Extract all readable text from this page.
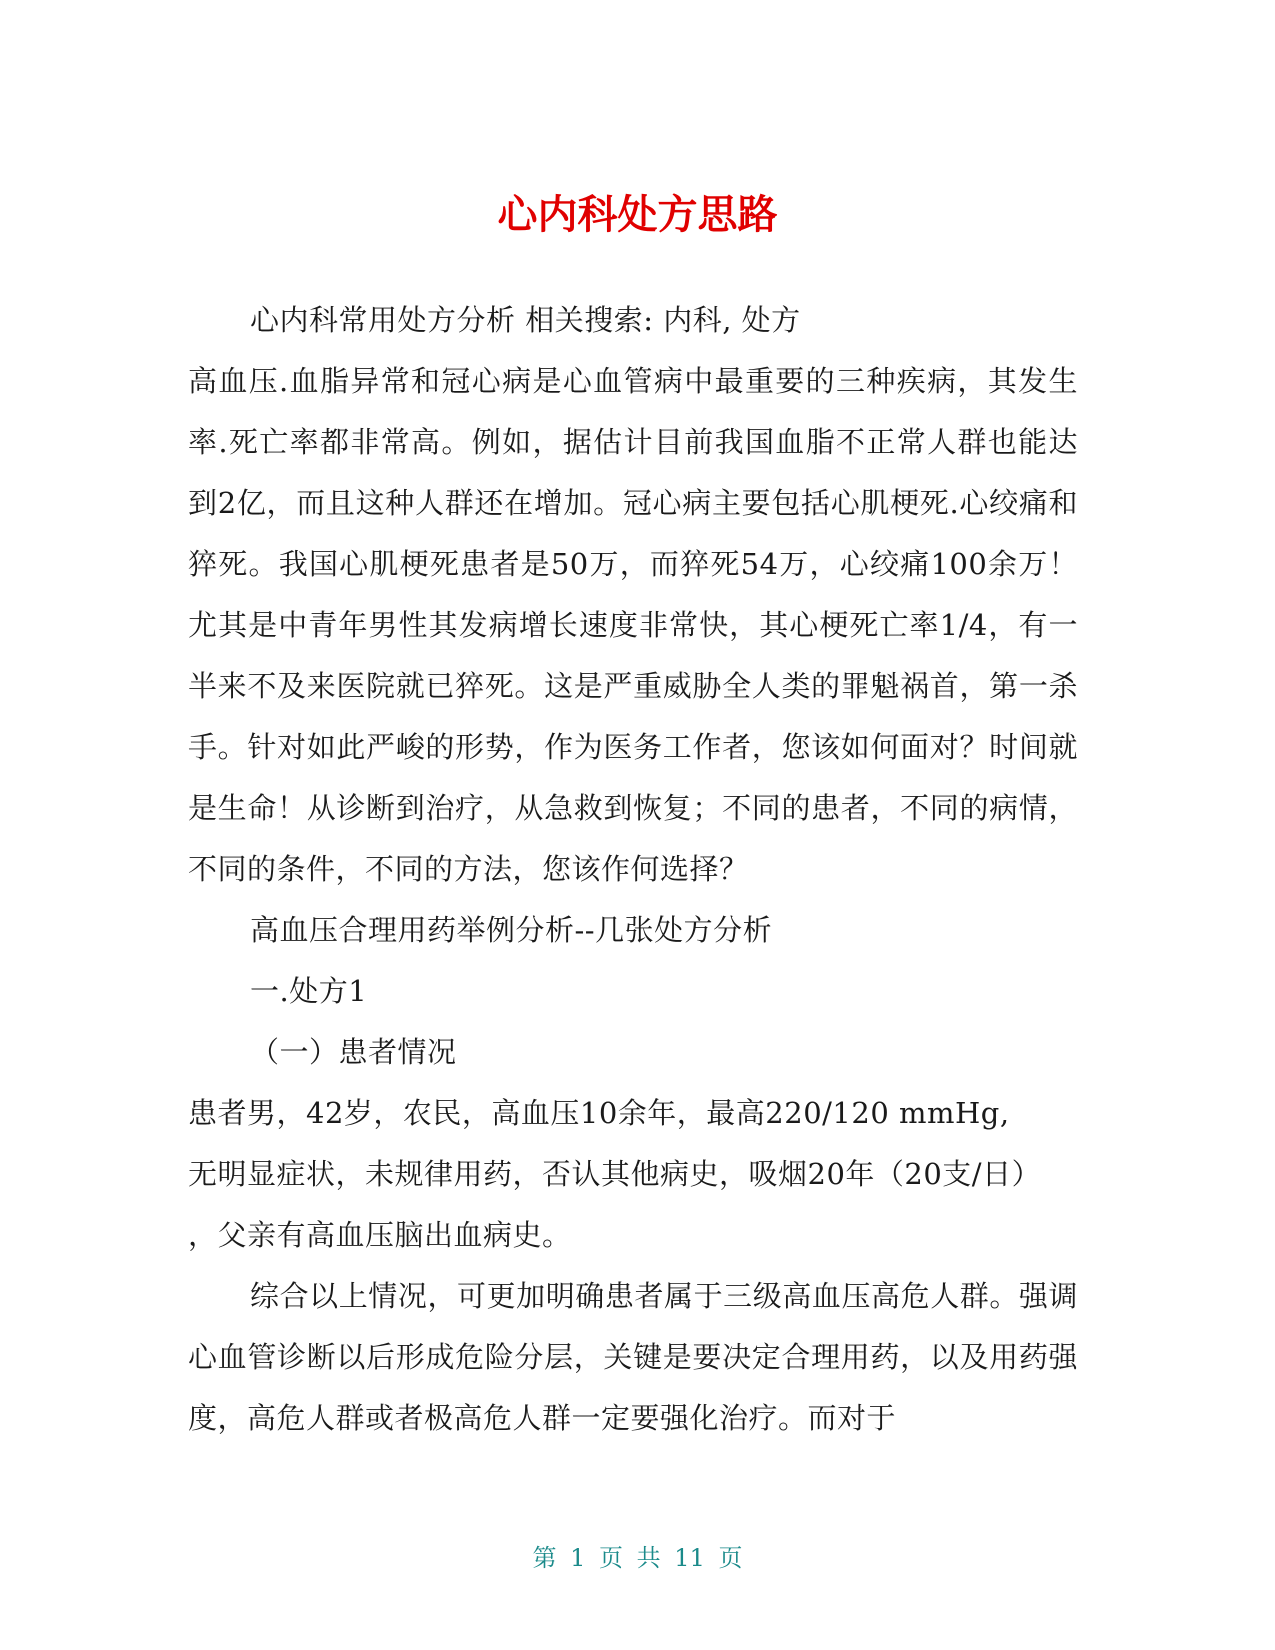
心内科处方思路

心内科常用处方分析 相关搜索: 内科, 处方

高血压.血脂异常和冠心病是心血管病中最重要的三种疾病，其发生率.死亡率都非常高。例如，据估计目前我国血脂不正常人群也能达到2亿，而且这种人群还在增加。冠心病主要包括心肌梗死.心绞痛和猝死。我国心肌梗死患者是50万，而猝死54万，心绞痛100余万！尤其是中青年男性其发病增长速度非常快，其心梗死亡率1/4，有一半来不及来医院就已猝死。这是严重威胁全人类的罪魁祸首，第一杀手。针对如此严峻的形势，作为医务工作者，您该如何面对？时间就是生命！从诊断到治疗，从急救到恢复；不同的患者，不同的病情，不同的条件，不同的方法，您该作何选择？

高血压合理用药举例分析--几张处方分析

一.处方1

（一）患者情况

患者男，42岁，农民，高血压10余年，最高220/120 mmHg,

无明显症状，未规律用药，否认其他病史，吸烟20年（20支/日）

，父亲有高血压脑出血病史。

综合以上情况，可更加明确患者属于三级高血压高危人群。强调心血管诊断以后形成危险分层，关键是要决定合理用药，以及用药强度，高危人群或者极高危人群一定要强化治疗。而对于

第 1 页 共 11 页
